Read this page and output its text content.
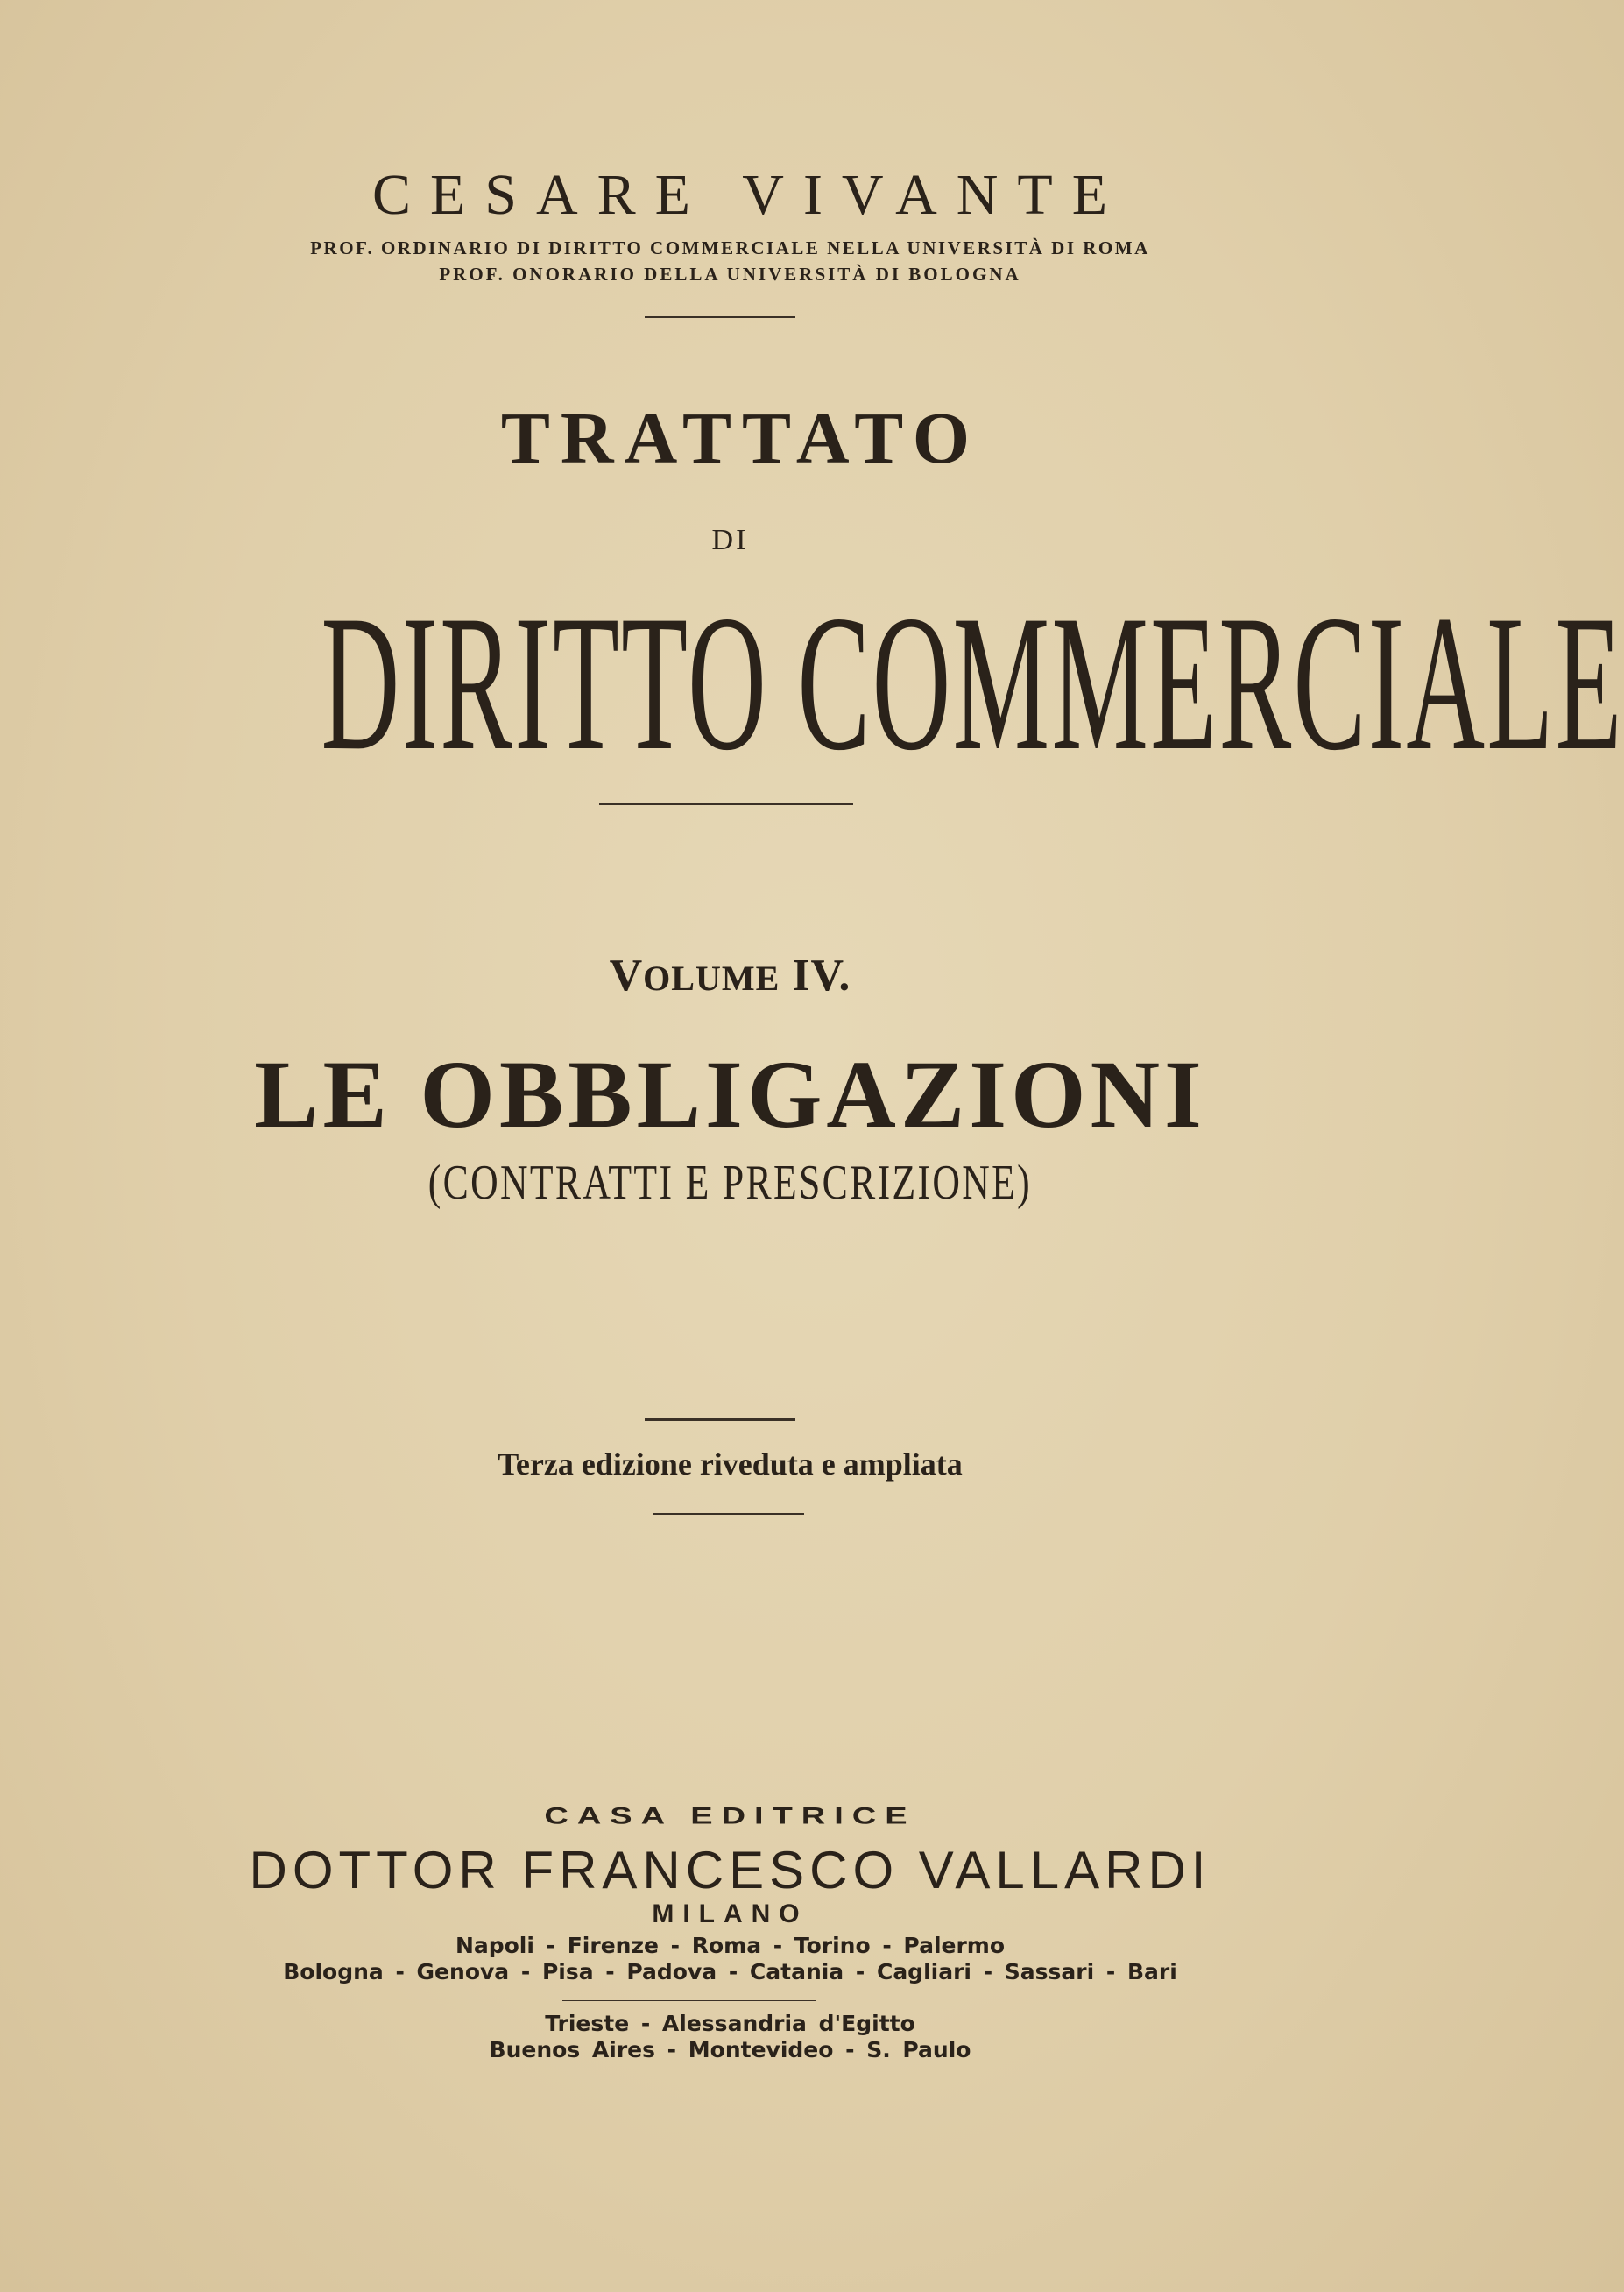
CESARE VIVANTE

PROF. ORDINARIO DI DIRITTO COMMERCIALE NELLA UNIVERSITÀ DI ROMA

PROF. ONORARIO DELLA UNIVERSITÀ DI BOLOGNA

TRATTATO

DI

DIRITTO COMMERCIALE

VOLUME IV.

LE OBBLIGAZIONI

(CONTRATTI E PRESCRIZIONE)

Terza edizione riveduta e ampliata

CASA EDITRICE

DOTTOR FRANCESCO VALLARDI

MILANO

Napoli - Firenze - Roma - Torino - Palermo

Bologna - Genova - Pisa - Padova - Catania - Cagliari - Sassari - Bari

Trieste - Alessandria d'Egitto

Buenos Aires - Montevideo - S. Paulo
